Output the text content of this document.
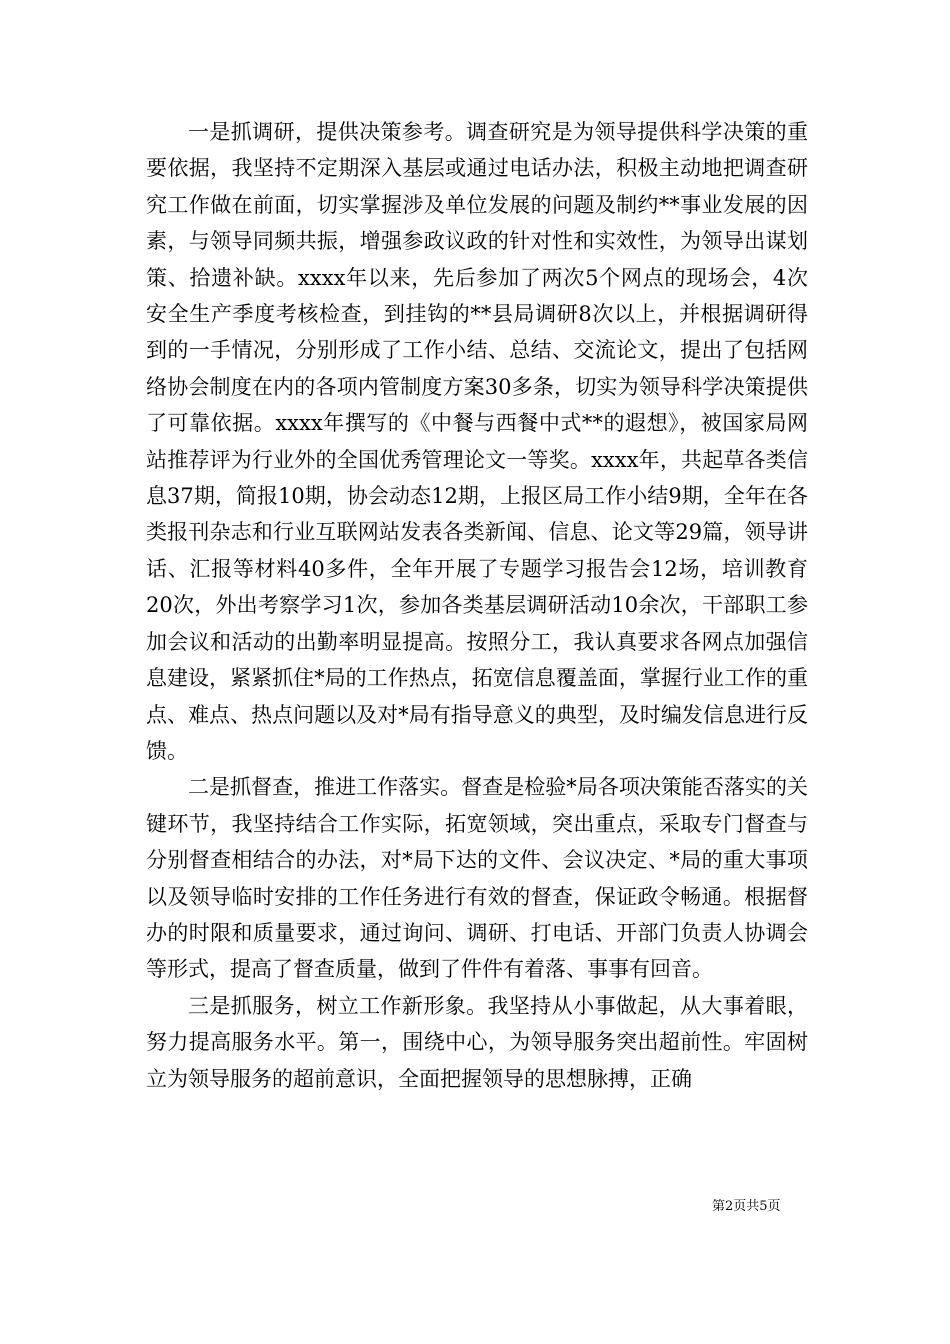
一是抓调研，提供决策参考。调查研究是为领导提供科学决策的重要依据，我坚持不定期深入基层或通过电话办法，积极主动地把调查研究工作做在前面，切实掌握涉及单位发展的问题及制约**事业发展的因素，与领导同频共振，增强参政议政的针对性和实效性，为领导出谋划策、拾遗补缺。xxxx年以来，先后参加了两次5个网点的现场会，4次安全生产季度考核检查，到挂钩的**县局调研8次以上，并根据调研得到的一手情况，分别形成了工作小结、总结、交流论文，提出了包括网络协会制度在内的各项内管制度方案30多条，切实为领导科学决策提供了可靠依据。xxxx年撰写的《中餐与西餐中式**的遐想》，被国家局网站推荐评为行业外的全国优秀管理论文一等奖。xxxx年，共起草各类信息37期，简报10期，协会动态12期，上报区局工作小结9期，全年在各类报刊杂志和行业互联网站发表各类新闻、信息、论文等29篇，领导讲话、汇报等材料40多件，全年开展了专题学习报告会12场，培训教育20次，外出考察学习1次，参加各类基层调研活动10余次，干部职工参加会议和活动的出勤率明显提高。按照分工，我认真要求各网点加强信息建设，紧紧抓住*局的工作热点，拓宽信息覆盖面，掌握行业工作的重点、难点、热点问题以及对*局有指导意义的典型，及时编发信息进行反馈。

二是抓督查，推进工作落实。督查是检验*局各项决策能否落实的关键环节，我坚持结合工作实际，拓宽领域，突出重点，采取专门督查与分别督查相结合的办法，对*局下达的文件、会议决定、*局的重大事项以及领导临时安排的工作任务进行有效的督查，保证政令畅通。根据督办的时限和质量要求，通过询问、调研、打电话、开部门负责人协调会等形式，提高了督查质量，做到了件件有着落、事事有回音。

三是抓服务，树立工作新形象。我坚持从小事做起，从大事着眼，努力提高服务水平。第一，围绕中心，为领导服务突出超前性。牢固树立为领导服务的超前意识，全面把握领导的思想脉搏，正确

第2页共5页
